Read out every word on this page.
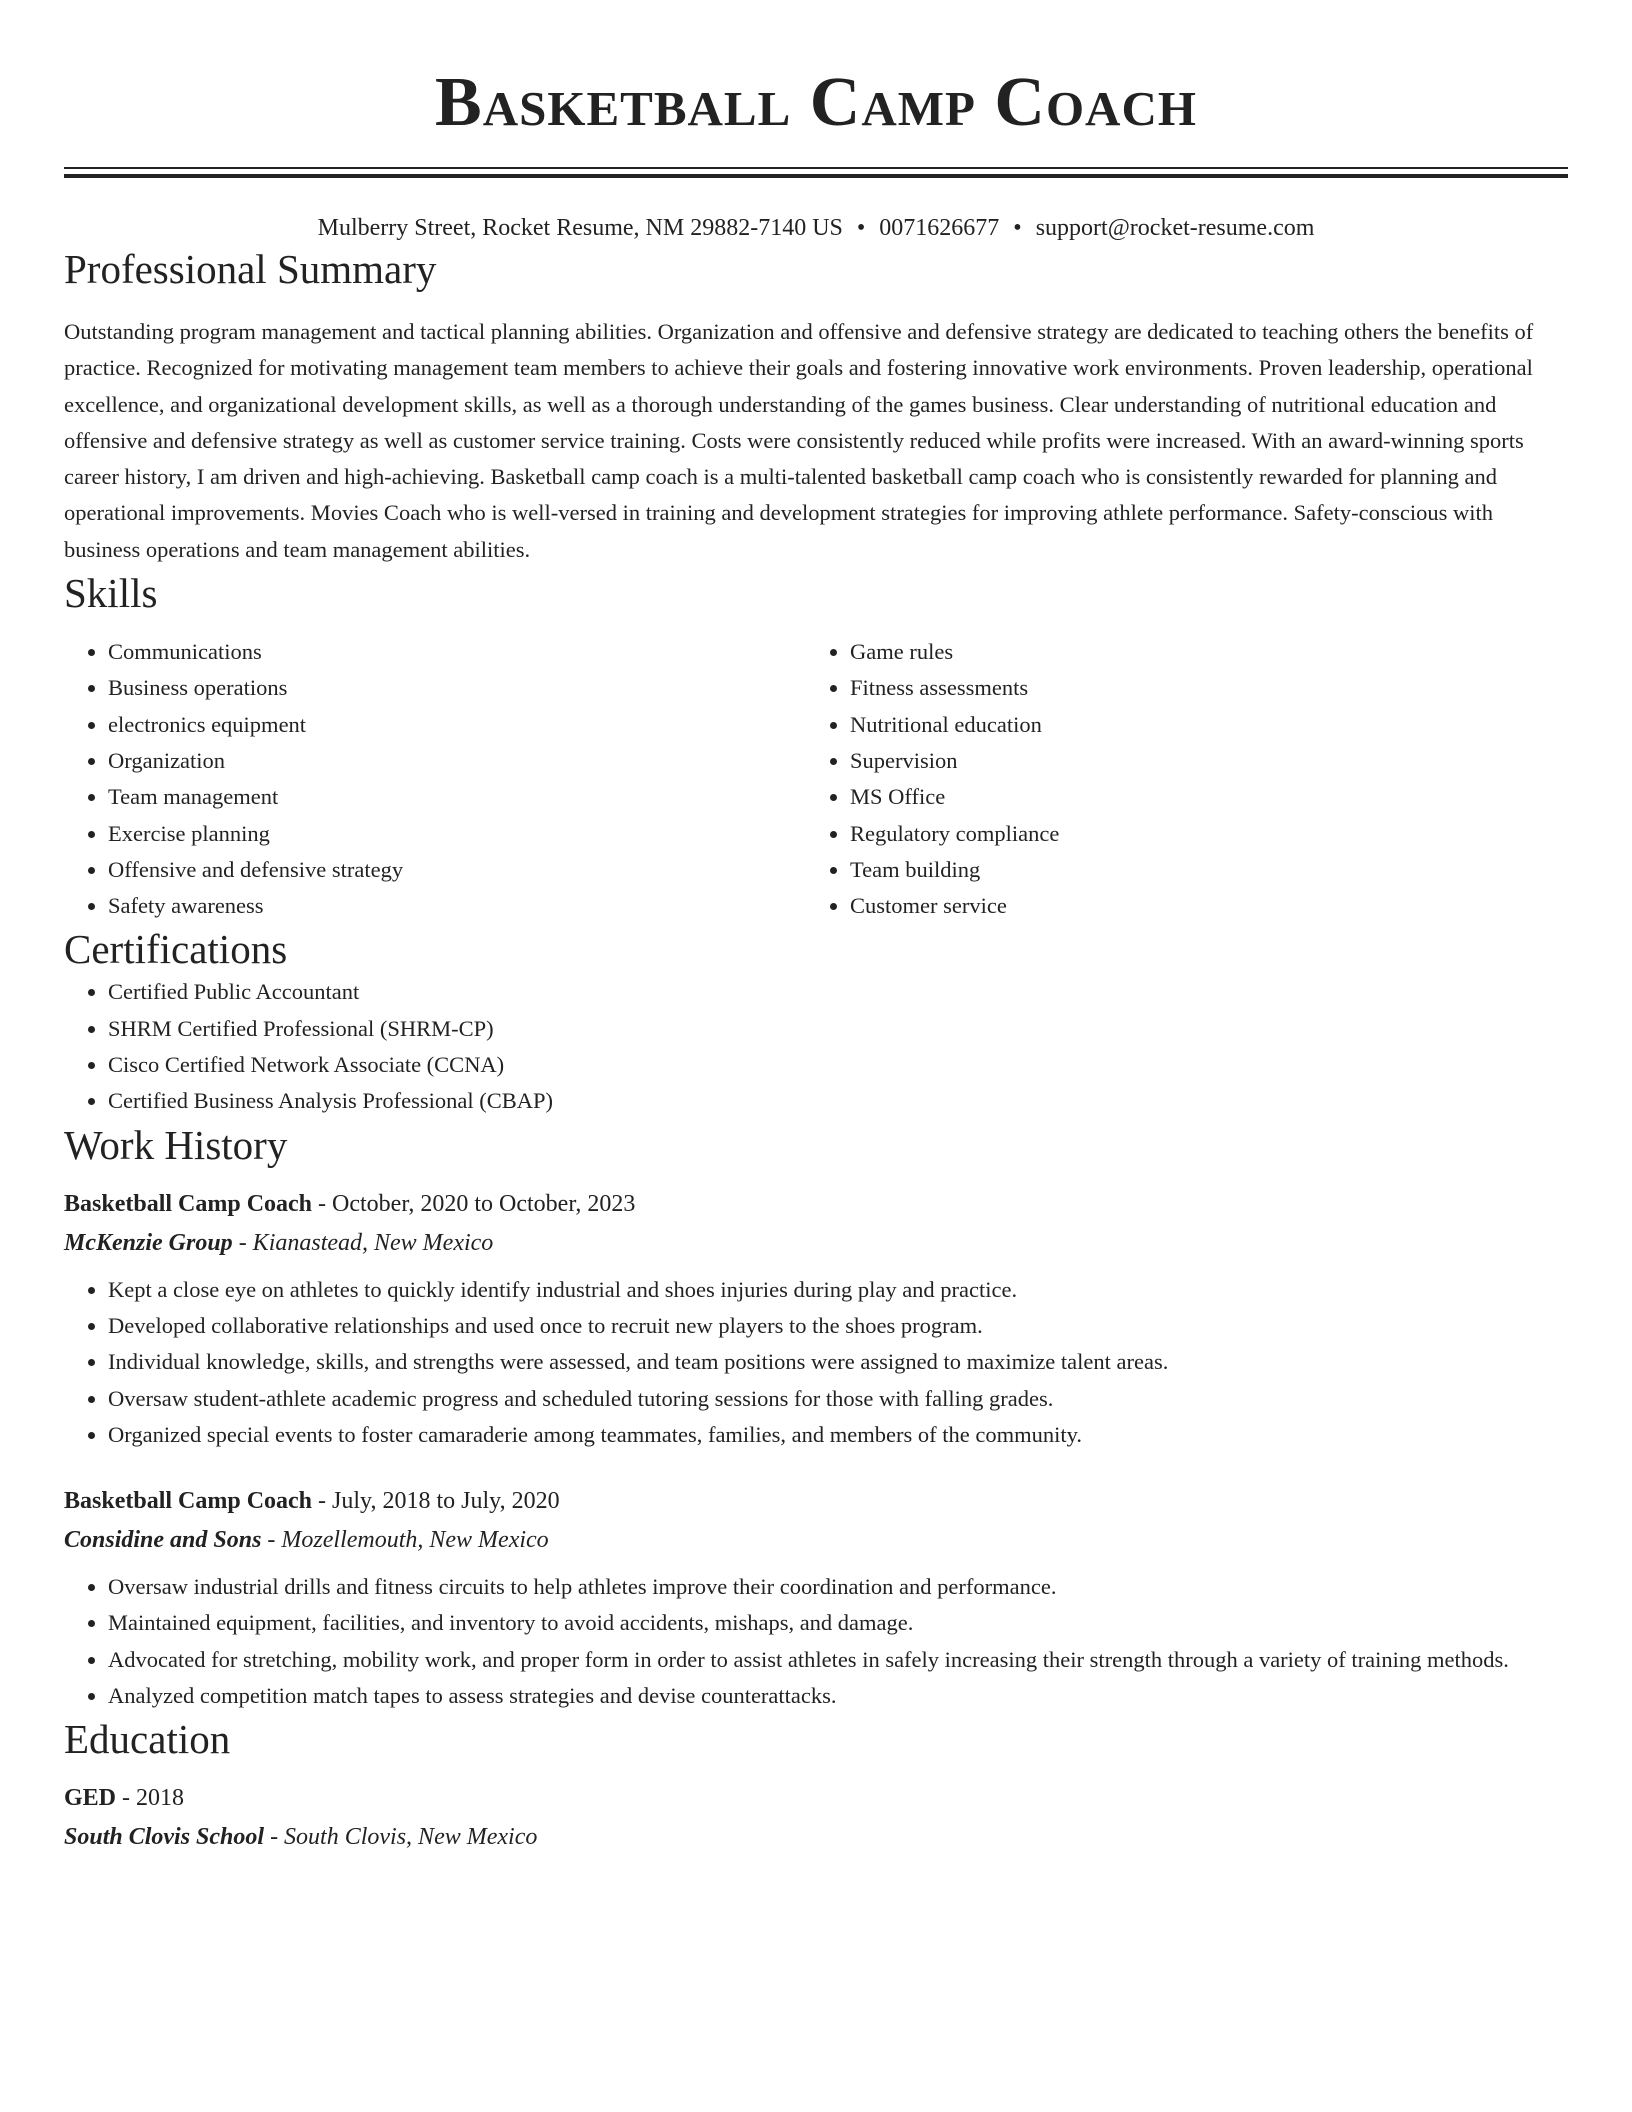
Basketball Camp Coach
Mulberry Street, Rocket Resume, NM 29882-7140 US • 0071626677 • support@rocket-resume.com
Professional Summary

Outstanding program management and tactical planning abilities. Organization and offensive and defensive strategy are dedicated to teaching others the benefits of practice. Recognized for motivating management team members to achieve their goals and fostering innovative work environments. Proven leadership, operational excellence, and organizational development skills, as well as a thorough understanding of the games business. Clear understanding of nutritional education and offensive and defensive strategy as well as customer service training. Costs were consistently reduced while profits were increased. With an award-winning sports career history, I am driven and high-achieving. Basketball camp coach is a multi-talented basketball camp coach who is consistently rewarded for planning and operational improvements. Movies Coach who is well-versed in training and development strategies for improving athlete performance. Safety-conscious with business operations and team management abilities.

Skills
• Communications
• Business operations
• electronics equipment
• Organization
• Team management
• Exercise planning
• Offensive and defensive strategy
• Safety awareness
• Game rules
• Fitness assessments
• Nutritional education
• Supervision
• MS Office
• Regulatory compliance
• Team building
• Customer service
Certifications
• Certified Public Accountant
• SHRM Certified Professional (SHRM-CP)
• Cisco Certified Network Associate (CCNA)
• Certified Business Analysis Professional (CBAP)
Work History
Basketball Camp Coach - October, 2020 to October, 2023
McKenzie Group - Kianastead, New Mexico
• Kept a close eye on athletes to quickly identify industrial and shoes injuries during play and practice.
• Developed collaborative relationships and used once to recruit new players to the shoes program.
• Individual knowledge, skills, and strengths were assessed, and team positions were assigned to maximize talent areas.
• Oversaw student-athlete academic progress and scheduled tutoring sessions for those with falling grades.
• Organized special events to foster camaraderie among teammates, families, and members of the community.
Basketball Camp Coach - July, 2018 to July, 2020
Considine and Sons - Mozellemouth, New Mexico
• Oversaw industrial drills and fitness circuits to help athletes improve their coordination and performance.
• Maintained equipment, facilities, and inventory to avoid accidents, mishaps, and damage.
• Advocated for stretching, mobility work, and proper form in order to assist athletes in safely increasing their strength through a variety of training methods.
• Analyzed competition match tapes to assess strategies and devise counterattacks.
Education
GED - 2018
South Clovis School - South Clovis, New Mexico
